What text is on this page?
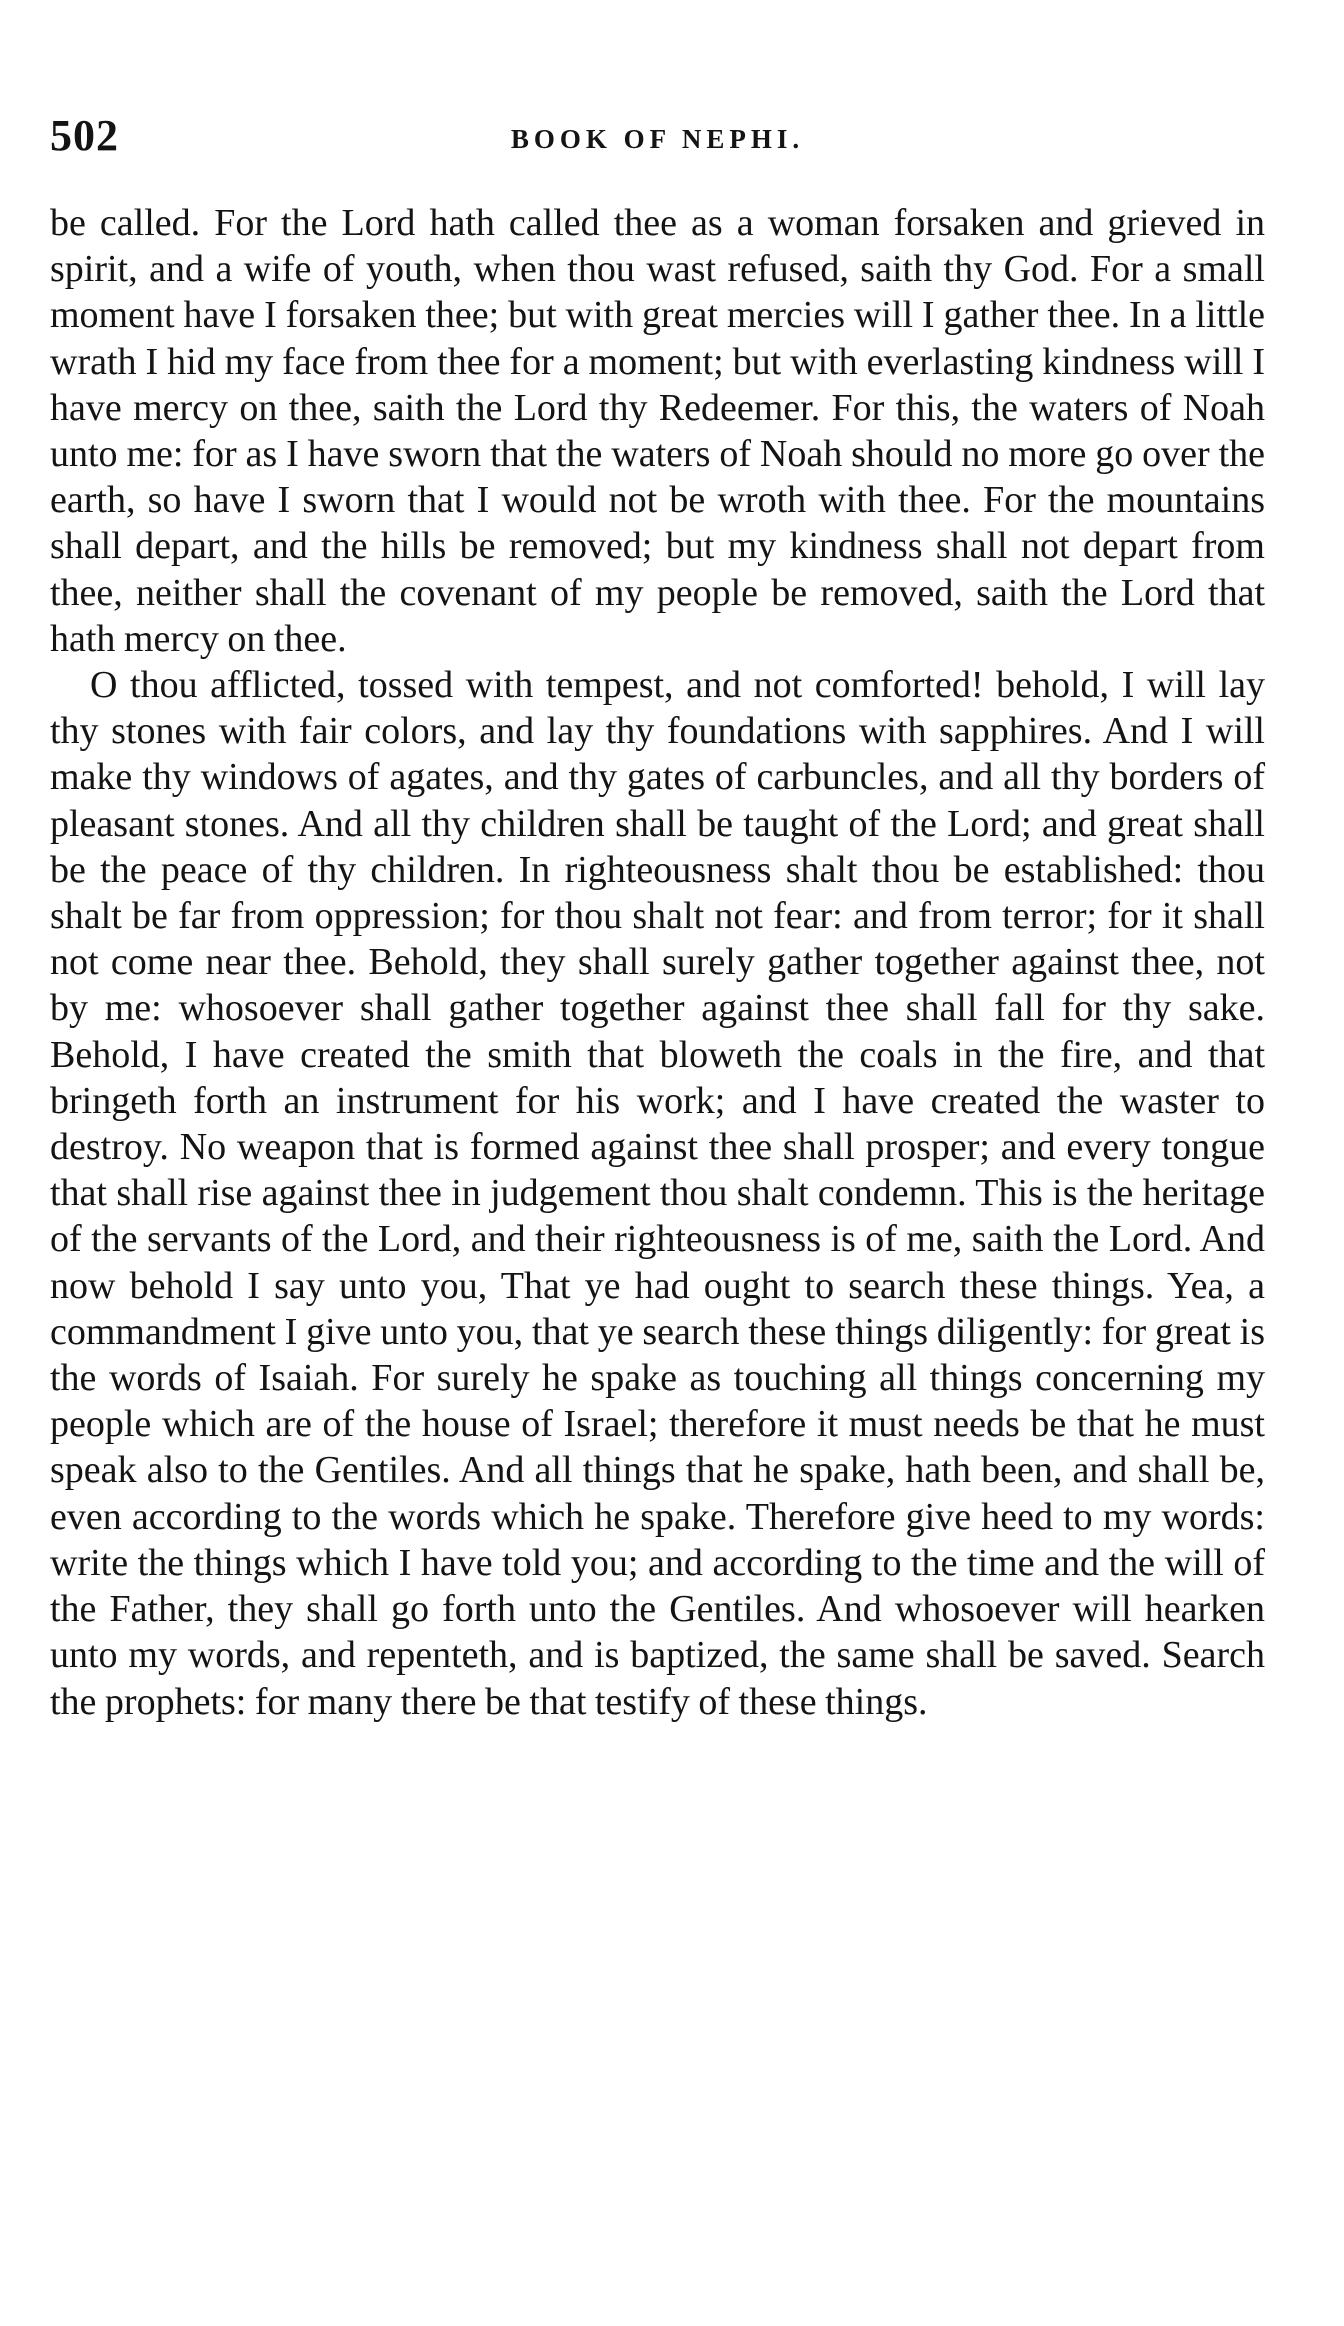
502	BOOK OF NEPHI.

be called. For the Lord hath called thee as a woman forsaken and grieved in spirit, and a wife of youth, when thou wast refused, saith thy God. For a small moment have I forsaken thee; but with great mercies will I gather thee. In a little wrath I hid my face from thee for a moment; but with everlasting kindness will I have mercy on thee, saith the Lord thy Redeemer. For this, the waters of Noah unto me: for as I have sworn that the waters of Noah should no more go over the earth, so have I sworn that I would not be wroth with thee. For the mountains shall depart, and the hills be removed; but my kindness shall not depart from thee, neither shall the covenant of my people be removed, saith the Lord that hath mercy on thee.

O thou afflicted, tossed with tempest, and not comforted! behold, I will lay thy stones with fair colors, and lay thy foundations with sapphires. And I will make thy windows of agates, and thy gates of carbuncles, and all thy borders of pleasant stones. And all thy children shall be taught of the Lord; and great shall be the peace of thy children. In righteousness shalt thou be established: thou shalt be far from oppression; for thou shalt not fear: and from terror; for it shall not come near thee. Behold, they shall surely gather together against thee, not by me: whosoever shall gather together against thee shall fall for thy sake. Behold, I have created the smith that bloweth the coals in the fire, and that bringeth forth an instrument for his work; and I have created the waster to destroy. No weapon that is formed against thee shall prosper; and every tongue that shall rise against thee in judgement thou shalt condemn. This is the heritage of the servants of the Lord, and their righteousness is of me, saith the Lord. And now behold I say unto you, That ye had ought to search these things. Yea, a commandment I give unto you, that ye search these things diligently: for great is the words of Isaiah. For surely he spake as touching all things concerning my people which are of the house of Israel; therefore it must needs be that he must speak also to the Gentiles. And all things that he spake, hath been, and shall be, even according to the words which he spake. Therefore give heed to my words: write the things which I have told you; and according to the time and the will of the Father, they shall go forth unto the Gentiles. And whosoever will hearken unto my words, and repenteth, and is baptized, the same shall be saved. Search the prophets: for many there be that testify of these things.
